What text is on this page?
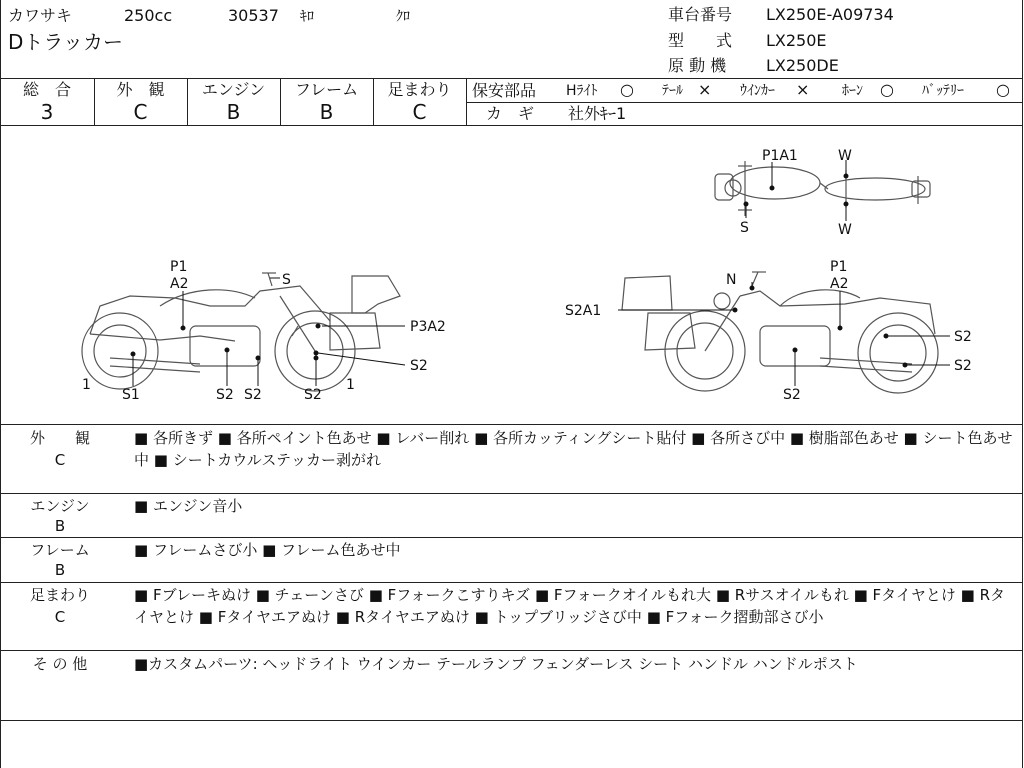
カワサキ	250cc	30537 ｷﾛ	ｸﾛ
Dトラッカー
車台番号 LX250E-A09734
型　　式 LX250E
原 動 機 LX250DE
総　合	外　観	エンジン	フレーム	足まわり
3	C	B	B	C
保安部品 Hﾗｲﾄ ○ ﾃｰﾙ × ｳｲﾝｶｰ × ﾎｰﾝ ○ ﾊﾞｯﾃﾘｰ ○
カ　ギ 社外ｷｰ1
P1A1	W
S	W
P1
A2	S
P3A2
S2
1
S1	S2 S2	S2
1
N
P1
A2
S2A1
S2
S2
S2
外　　観
C
■ 各所きず ■ 各所ペイント色あせ ■ レバー削れ ■ 各所カッティングシート貼付 ■ 各所さび中 ■ 樹脂部色あせ ■ シート色あせ中 ■ シートカウルステッカー剥がれ
エンジン
B
■ エンジン音小
フレーム
B
■ フレームさび小 ■ フレーム色あせ中
足まわり
C
■ Fブレーキぬけ ■ チェーンさび ■ Fフォークこすりキズ ■ Fフォークオイルもれ大 ■ Rサスオイルもれ ■ Fタイヤとけ ■ Rタイヤとけ ■ Fタイヤエアぬけ ■ Rタイヤエアぬけ ■ トップブリッジさび中 ■ Fフォーク摺動部さび小
そ の 他	■カスタムパーツ: ヘッドライト ウインカー テールランプ フェンダーレス シート ハンドル ハンドルポスト
